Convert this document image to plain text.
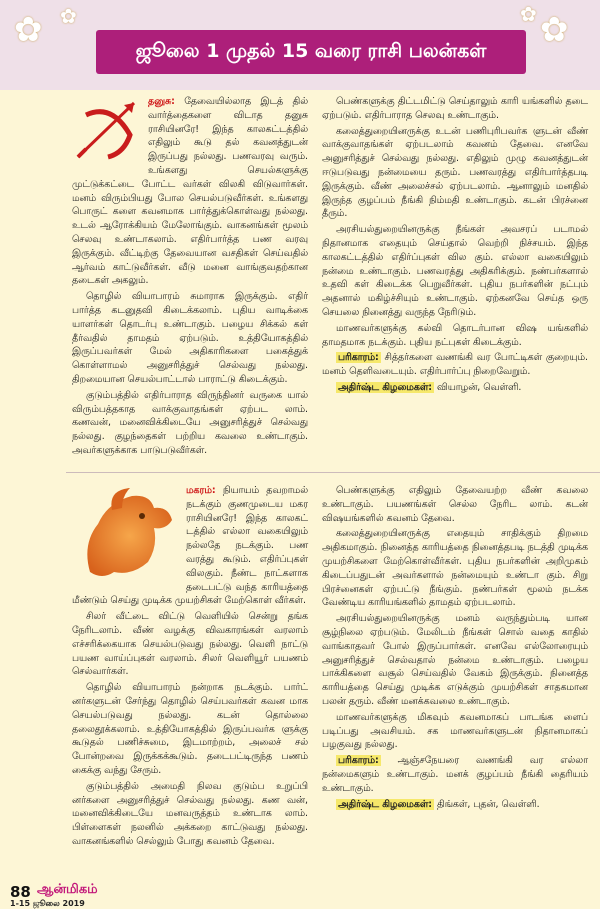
✿ ✿	✿
✿
ஜூலை 1 முதல் 15 வரை ராசி பலன்கள்

தனுசு: தேவையில்லாத இடத் தில் வார்த்தைகளை விடாத தனுசு ராசியினரே! இந்த காலகட்டத்தில் எதிலும் கூடு தல் கவனத்துடன் இருப்பது நல்லது. பணவரவு வரும். உங்களது செயல்களுக்கு முட்டுக்கட்டை போட்ட வர்கள் விலகி விடுவார்கள். மனம் விரும்பியது போல செயல்படுவீர்கள். உங்களது பொருட் களை கவனமாக பார்த்துக்கொள்வது நல்லது. உடல் ஆரோக்கியம் மேலோங்கும். வாகனங்கள் மூலம் செலவு உண்டாகலாம். எதிர்பார்த்த பண வரவு இருக்கும். வீட்டிற்கு தேவையான வசதிகள் செய்வதில் ஆர்வம் காட்டுவீர்கள். வீடு மனை வாங்குவதற்கான தடைகள் அகலும்.

தொழில் வியாபாரம் சுமாராக இருக்கும். எதிர் பார்த்த கடனுதவி கிடைக்கலாம். புதிய வாடிக்கை யாளர்கள் தொடர்பு உண்டாகும். பழைய சிக்கல் கள் தீர்வதில் தாமதம் ஏற்படும். உத்தியோகத்தில் இருப்பவர்கள் மேல் அதிகாரிகளை பகைத்துக் கொள்ளாமல் அனுசரித்துச் செல்வது நல்லது. திறமையான செயல்பாட்டால் பாராட்டு கிடைக்கும்.

குடும்பத்தில் எதிர்பாராத விருந்தினர் வருகை யால் விரும்பத்தகாத வாக்குவாதங்கள் ஏற்பட லாம். கணவன், மனைவிக்கிடையே அனுசரித்துச் செல்வது நல்லது. குழந்தைகள் பற்றிய கவலை உண்டாகும். அவர்களுக்காக பாடுபடுவீர்கள்.

பெண்களுக்கு திட்டமிட்டு செய்தாலும் காரி யங்களில் தடை ஏற்படும். எதிர்பாராத செலவு உண்டாகும்.

கலைத்துறையினருக்கு உடன் பணிபுரிபவர்க ளுடன் வீண் வாக்குவாதங்கள் ஏற்படலாம் கவனம் தேவை. எனவே அனுசரித்துச் செல்வது நல்லது. எதிலும் முழு கவனத்துடன் ஈடுபடுவது நன்மையை தரும். பணவரத்து எதிர்பார்த்தபடி இருக்கும். வீண் அலைச்சல் ஏற்படலாம். ஆனாலும் மனதில் இருந்த குழப்பம் நீங்கி நிம்மதி உண்டாகும். கடன் பிரச்னை தீரும்.

அரசியல்துறையினருக்கு நீங்கள் அவசரப் படாமல் நிதானமாக எதையும் செய்தால் வெற்றி நிச்சயம். இந்த காலகட்டத்தில் எதிர்ப்புகள் வில கும். எல்லா வகையிலும் நன்மை உண்டாகும். பணவரத்து அதிகரிக்கும். நண்பர்களால் உதவி கள் கிடைக்க பெறுவீர்கள். புதிய நபர்களின் நட்பும் அதனால் மகிழ்ச்சியும் உண்டாகும். ஏற்கனவே செய்த ஒரு செயலை நினைத்து வருந்த நேரிடும்.

மாணவர்களுக்கு கல்வி தொடர்பான விஷ யங்களில் தாமதமாக நடக்கும். புதிய நட்புகள் கிடைக்கும்.

பரிகாரம்: சித்தர்களை வணங்கி வர போட்டிகள் குறையும். மனம் தெளிவடையும். எதிர்பார்ப்பு நிறைவேறும்.

அதிர்ஷ்ட கிழமைகள்: வியாழன், வெள்ளி.

மகரம்: நியாயம் தவறாமல் நடக்கும் குணமுடைய மகர ராசியினரே! இந்த காலகட் டத்தில் எல்லா வகையிலும் நல்லதே நடக்கும். பண வரத்து கூடும். எதிர்ப்புகள் விலகும். நீண்ட நாட்களாக தடைபட்டு வந்த காரியத்தை மீண்டும் செய்து முடிக்க முயற்சிகள் மேற்கொள் வீர்கள்.

சிலர் வீட்டை விட்டு வெளியில் சென்று தங்க நேரிடலாம். வீண் வழக்கு விவகாரங்கள் வரலாம் எச்சரிக்கையாக செயல்படுவது நல்லது. வெளி நாட்டு பயண வாய்ப்புகள் வரலாம். சிலர் வெளியூர் பயணம் செல்வார்கள்.

தொழில் வியாபாரம் நன்றாக நடக்கும். பார்ட் னர்களுடன் சேர்ந்து தொழில் செய்பவர்கள் கவன மாக செயல்படுவது நல்லது. கடன் தொல்லை தலைதூக்கலாம். உத்தியோகத்தில் இருப்பவர்க ளுக்கு கூடுதல் பணிச்சுமை, இடமாற்றம், அலைச் சல் போன்றவை இருக்கக்கூடும். தடைபட்டிருந்த பணம் கைக்கு வந்து சேரும்.

குடும்பத்தில் அமைதி நிலவ குடும்ப உறுப்பி னர்களை அனுசரித்துச் செல்வது நல்லது. கண வன், மனைவிக்கிடையே மனவருத்தம் உண்டாக லாம். பிள்ளைகள் நலனில் அக்கறை காட்டுவது நல்லது. வாகனங்களில் செல்லும் போது கவனம் தேவை.

பெண்களுக்கு எதிலும் தேவையற்ற வீண் கவலை உண்டாகும். பயணங்கள் செல்ல நேரிட லாம். கடன் விஷயங்களில் கவனம் தேவை.

கலைத்துறையினருக்கு எதையும் சாதிக்கும் திறமை அதிகமாகும். நினைத்த காரியத்தை நினைத்தபடி நடத்தி முடிக்க முயற்சிகளை மேற்கொள்வீர்கள். புதிய நபர்களின் அறிமுகம் கிடைப்பதுடன் அவர்களால் நன்மையும் உண்டா கும். சிறு பிரச்னைகள் ஏற்பட்டு நீங்கும். நண்பர்கள் மூலம் நடக்க வேண்டிய காரியங்களில் தாமதம் ஏற்படலாம்.

அரசியல்துறையினருக்கு மனம் வருந்தும்படி யான சூழ்நிலை ஏற்படும். மேலிடம் நீங்கள் சொல் வதை காதில் வாங்காதவர் போல் இருப்பார்கள். எனவே எல்லோரையும் அனுசரித்துச் செல்வதால் நன்மை உண்டாகும். பழைய பாக்கிகளை வசூல் செய்வதில் வேகம் இருக்கும். நினைத்த காரியத்தை செய்து முடிக்க எடுக்கும் முயற்சிகள் சாதகமான பலன் தரும். வீண் மனக்கவலை உண்டாகும்.

மாணவர்களுக்கு மிகவும் கவனமாகப் பாடங்க ளைப் படிப்பது அவசியம். சக மாணவர்களுடன் நிதானமாகப் பழகுவது நல்லது.

பரிகாரம்: ஆஞ்சநேயரை வணங்கி வர எல்லா நன்மைகளும் உண்டாகும். மனக் குழப்பம் நீங்கி தைரியம் உண்டாகும்.

அதிர்ஷ்ட கிழமைகள்: திங்கள், புதன், வெள்ளி.

88 ஆன்மிகம்
1-15 ஜூலை 2019
